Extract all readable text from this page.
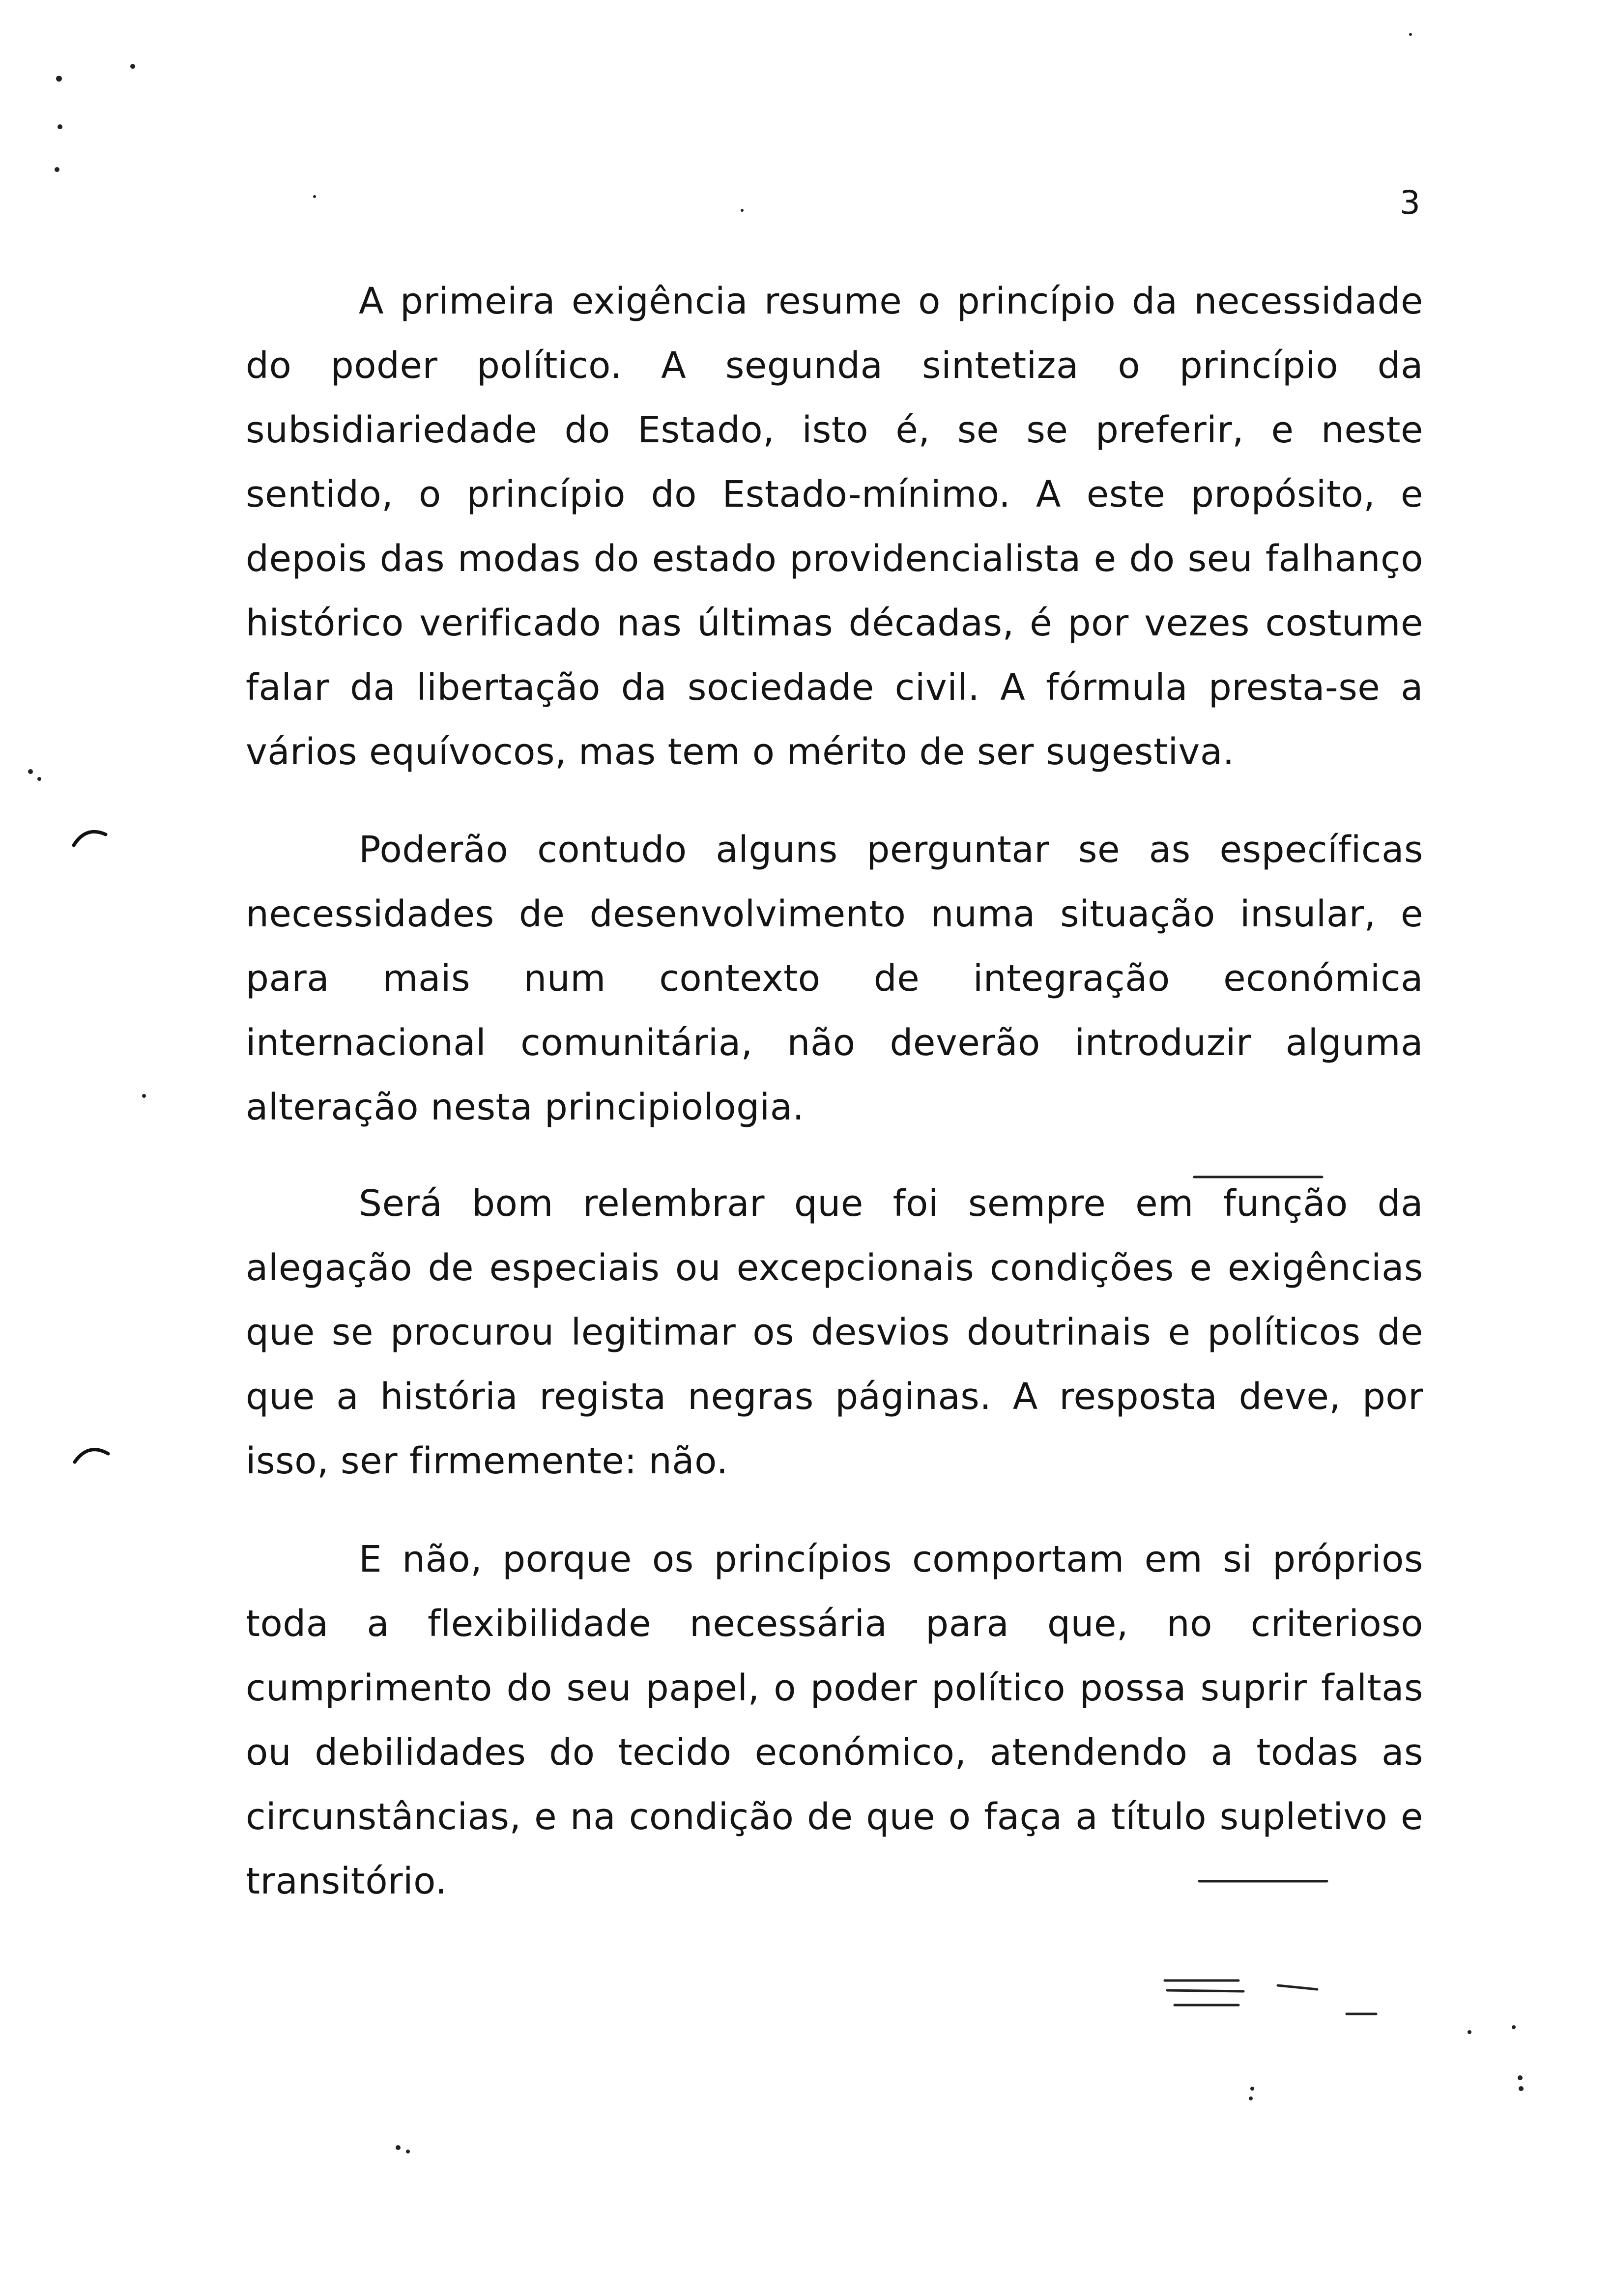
3

A primeira exigência resume o princípio da necessidade do poder político. A segunda sintetiza o princípio da subsidiariedade do Estado, isto é, se se preferir, e neste sentido, o princípio do Estado-mínimo. A este propósito, e depois das modas do estado providencialista e do seu falhanço histórico verificado nas últimas décadas, é por vezes costume falar da libertação da sociedade civil. A fórmula presta-se a vários equívocos, mas tem o mérito de ser sugestiva.

Poderão contudo alguns perguntar se as específicas necessidades de desenvolvimento numa situação insular, e para mais num contexto de integração económica internacional comunitária, não deverão introduzir alguma alteração nesta principiologia.

Será bom relembrar que foi sempre em função da alegação de especiais ou excepcionais condições e exigências que se procurou legitimar os desvios doutrinais e políticos de que a história regista negras páginas. A resposta deve, por isso, ser firmemente: não.

E não, porque os princípios comportam em si próprios toda a flexibilidade necessária para que, no criterioso cumprimento do seu papel, o poder político possa suprir faltas ou debilidades do tecido económico, atendendo a todas as circunstâncias, e na condição de que o faça a título supletivo e transitório.
